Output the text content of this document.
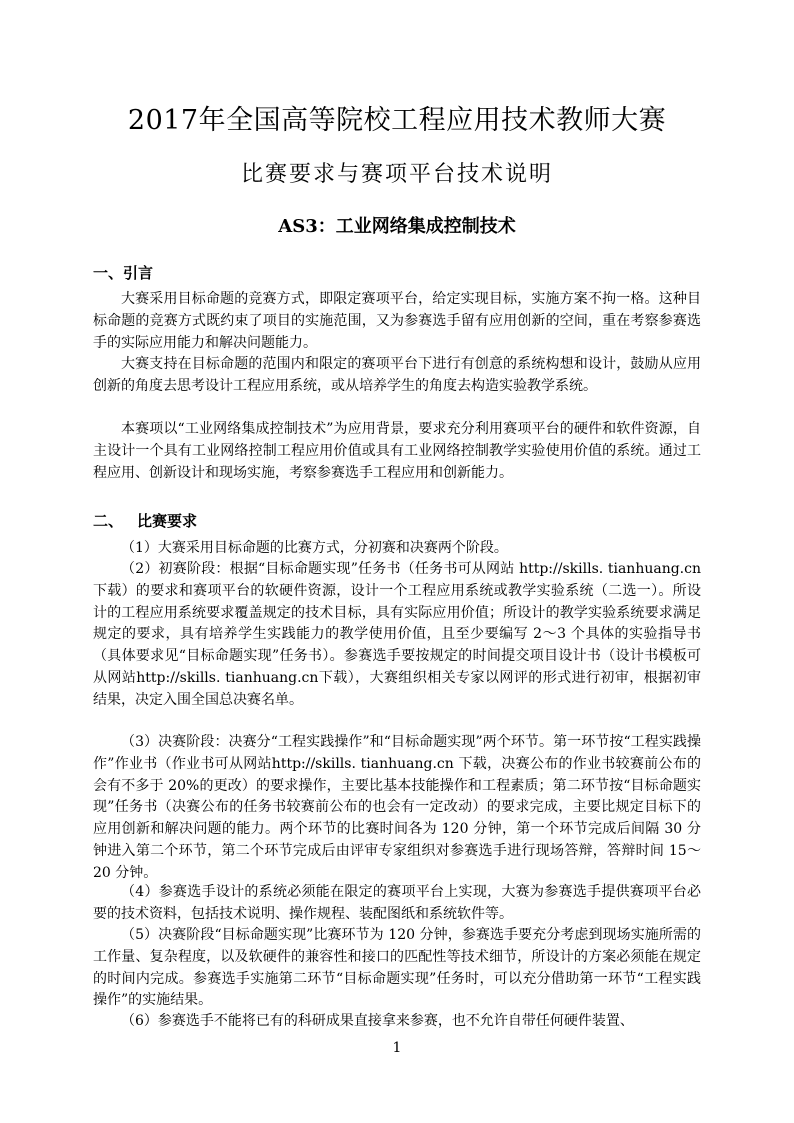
2017年全国高等院校工程应用技术教师大赛
比赛要求与赛项平台技术说明
AS3：工业网络集成控制技术
一、引言

大赛采用目标命题的竞赛方式，即限定赛项平台，给定实现目标，实施方案不拘一格。这种目标命题的竞赛方式既约束了项目的实施范围，又为参赛选手留有应用创新的空间，重在考察参赛选手的实际应用能力和解决问题能力。

大赛支持在目标命题的范围内和限定的赛项平台下进行有创意的系统构想和设计，鼓励从应用创新的角度去思考设计工程应用系统，或从培养学生的角度去构造实验教学系统。

本赛项以“工业网络集成控制技术”为应用背景，要求充分利用赛项平台的硬件和软件资源，自主设计一个具有工业网络控制工程应用价值或具有工业网络控制教学实验使用价值的系统。通过工程应用、创新设计和现场实施，考察参赛选手工程应用和创新能力。

二、 比赛要求

（1）大赛采用目标命题的比赛方式，分初赛和决赛两个阶段。

（2）初赛阶段：根据“目标命题实现”任务书（任务书可从网站 http://skills. tianhuang.cn 下载）的要求和赛项平台的软硬件资源，设计一个工程应用系统或教学实验系统（二选一）。所设计的工程应用系统要求覆盖规定的技术目标，具有实际应用价值；所设计的教学实验系统要求满足规定的要求，具有培养学生实践能力的教学使用价值，且至少要编写 2～3 个具体的实验指导书（具体要求见“目标命题实现”任务书）。参赛选手要按规定的时间提交项目设计书（设计书模板可从网站http://skills. tianhuang.cn下载），大赛组织相关专家以网评的形式进行初审，根据初审结果，决定入围全国总决赛名单。

（3）决赛阶段：决赛分“工程实践操作”和“目标命题实现”两个环节。第一环节按“工程实践操作”作业书（作业书可从网站http://skills. tianhuang.cn 下载，决赛公布的作业书较赛前公布的会有不多于 20%的更改）的要求操作，主要比基本技能操作和工程素质；第二环节按“目标命题实现”任务书（决赛公布的任务书较赛前公布的也会有一定改动）的要求完成，主要比规定目标下的应用创新和解决问题的能力。两个环节的比赛时间各为 120 分钟，第一个环节完成后间隔 30 分钟进入第二个环节，第二个环节完成后由评审专家组织对参赛选手进行现场答辩，答辩时间 15～20 分钟。

（4）参赛选手设计的系统必须能在限定的赛项平台上实现，大赛为参赛选手提供赛项平台必要的技术资料，包括技术说明、操作规程、装配图纸和系统软件等。

（5）决赛阶段“目标命题实现”比赛环节为 120 分钟，参赛选手要充分考虑到现场实施所需的工作量、复杂程度，以及软硬件的兼容性和接口的匹配性等技术细节，所设计的方案必须能在规定的时间内完成。参赛选手实施第二环节“目标命题实现”任务时，可以充分借助第一环节“工程实践操作”的实施结果。

（6）参赛选手不能将已有的科研成果直接拿来参赛，也不允许自带任何硬件装置、

1
